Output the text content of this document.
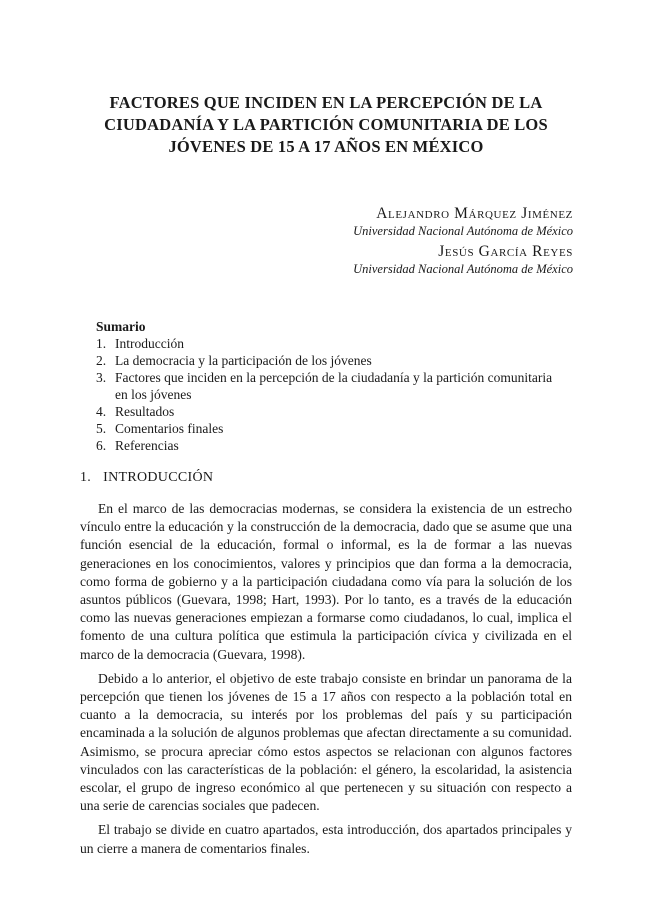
FACTORES QUE INCIDEN EN LA PERCEPCIÓN DE LA
CIUDADANÍA Y LA PARTICIÓN COMUNITARIA DE LOS
JÓVENES DE 15 A 17 AÑOS EN MÉXICO
Alejandro Márquez Jiménez
Universidad Nacional Autónoma de México
Jesús García Reyes
Universidad Nacional Autónoma de México
Sumario
1. Introducción
2. La democracia y la participación de los jóvenes
3. Factores que inciden en la percepción de la ciudadanía y la partición comunitaria en los jóvenes
4. Resultados
5. Comentarios finales
6. Referencias
1. INTRODUCCIÓN

En el marco de las democracias modernas, se considera la existencia de un estrecho vínculo entre la educación y la construcción de la democracia, dado que se asume que una función esencial de la educación, formal o informal, es la de formar a las nuevas generaciones en los conocimientos, valores y principios que dan forma a la democracia, como forma de gobierno y a la participación ciudadana como vía para la solución de los asuntos públicos (Guevara, 1998; Hart, 1993). Por lo tanto, es a través de la educación como las nuevas generaciones empiezan a formarse como ciudadanos, lo cual, implica el fomento de una cultura política que estimula la participación cívica y civilizada en el marco de la democracia (Guevara, 1998).

Debido a lo anterior, el objetivo de este trabajo consiste en brindar un panorama de la percepción que tienen los jóvenes de 15 a 17 años con respecto a la población total en cuanto a la democracia, su interés por los problemas del país y su participación encaminada a la solución de algunos problemas que afectan directamente a su comunidad. Asimismo, se procura apreciar cómo estos aspectos se relacionan con algunos factores vinculados con las características de la población: el género, la escolaridad, la asistencia escolar, el grupo de ingreso económico al que pertenecen y su situación con respecto a una serie de carencias sociales que padecen.

El trabajo se divide en cuatro apartados, esta introducción, dos apartados principales y un cierre a manera de comentarios finales.
